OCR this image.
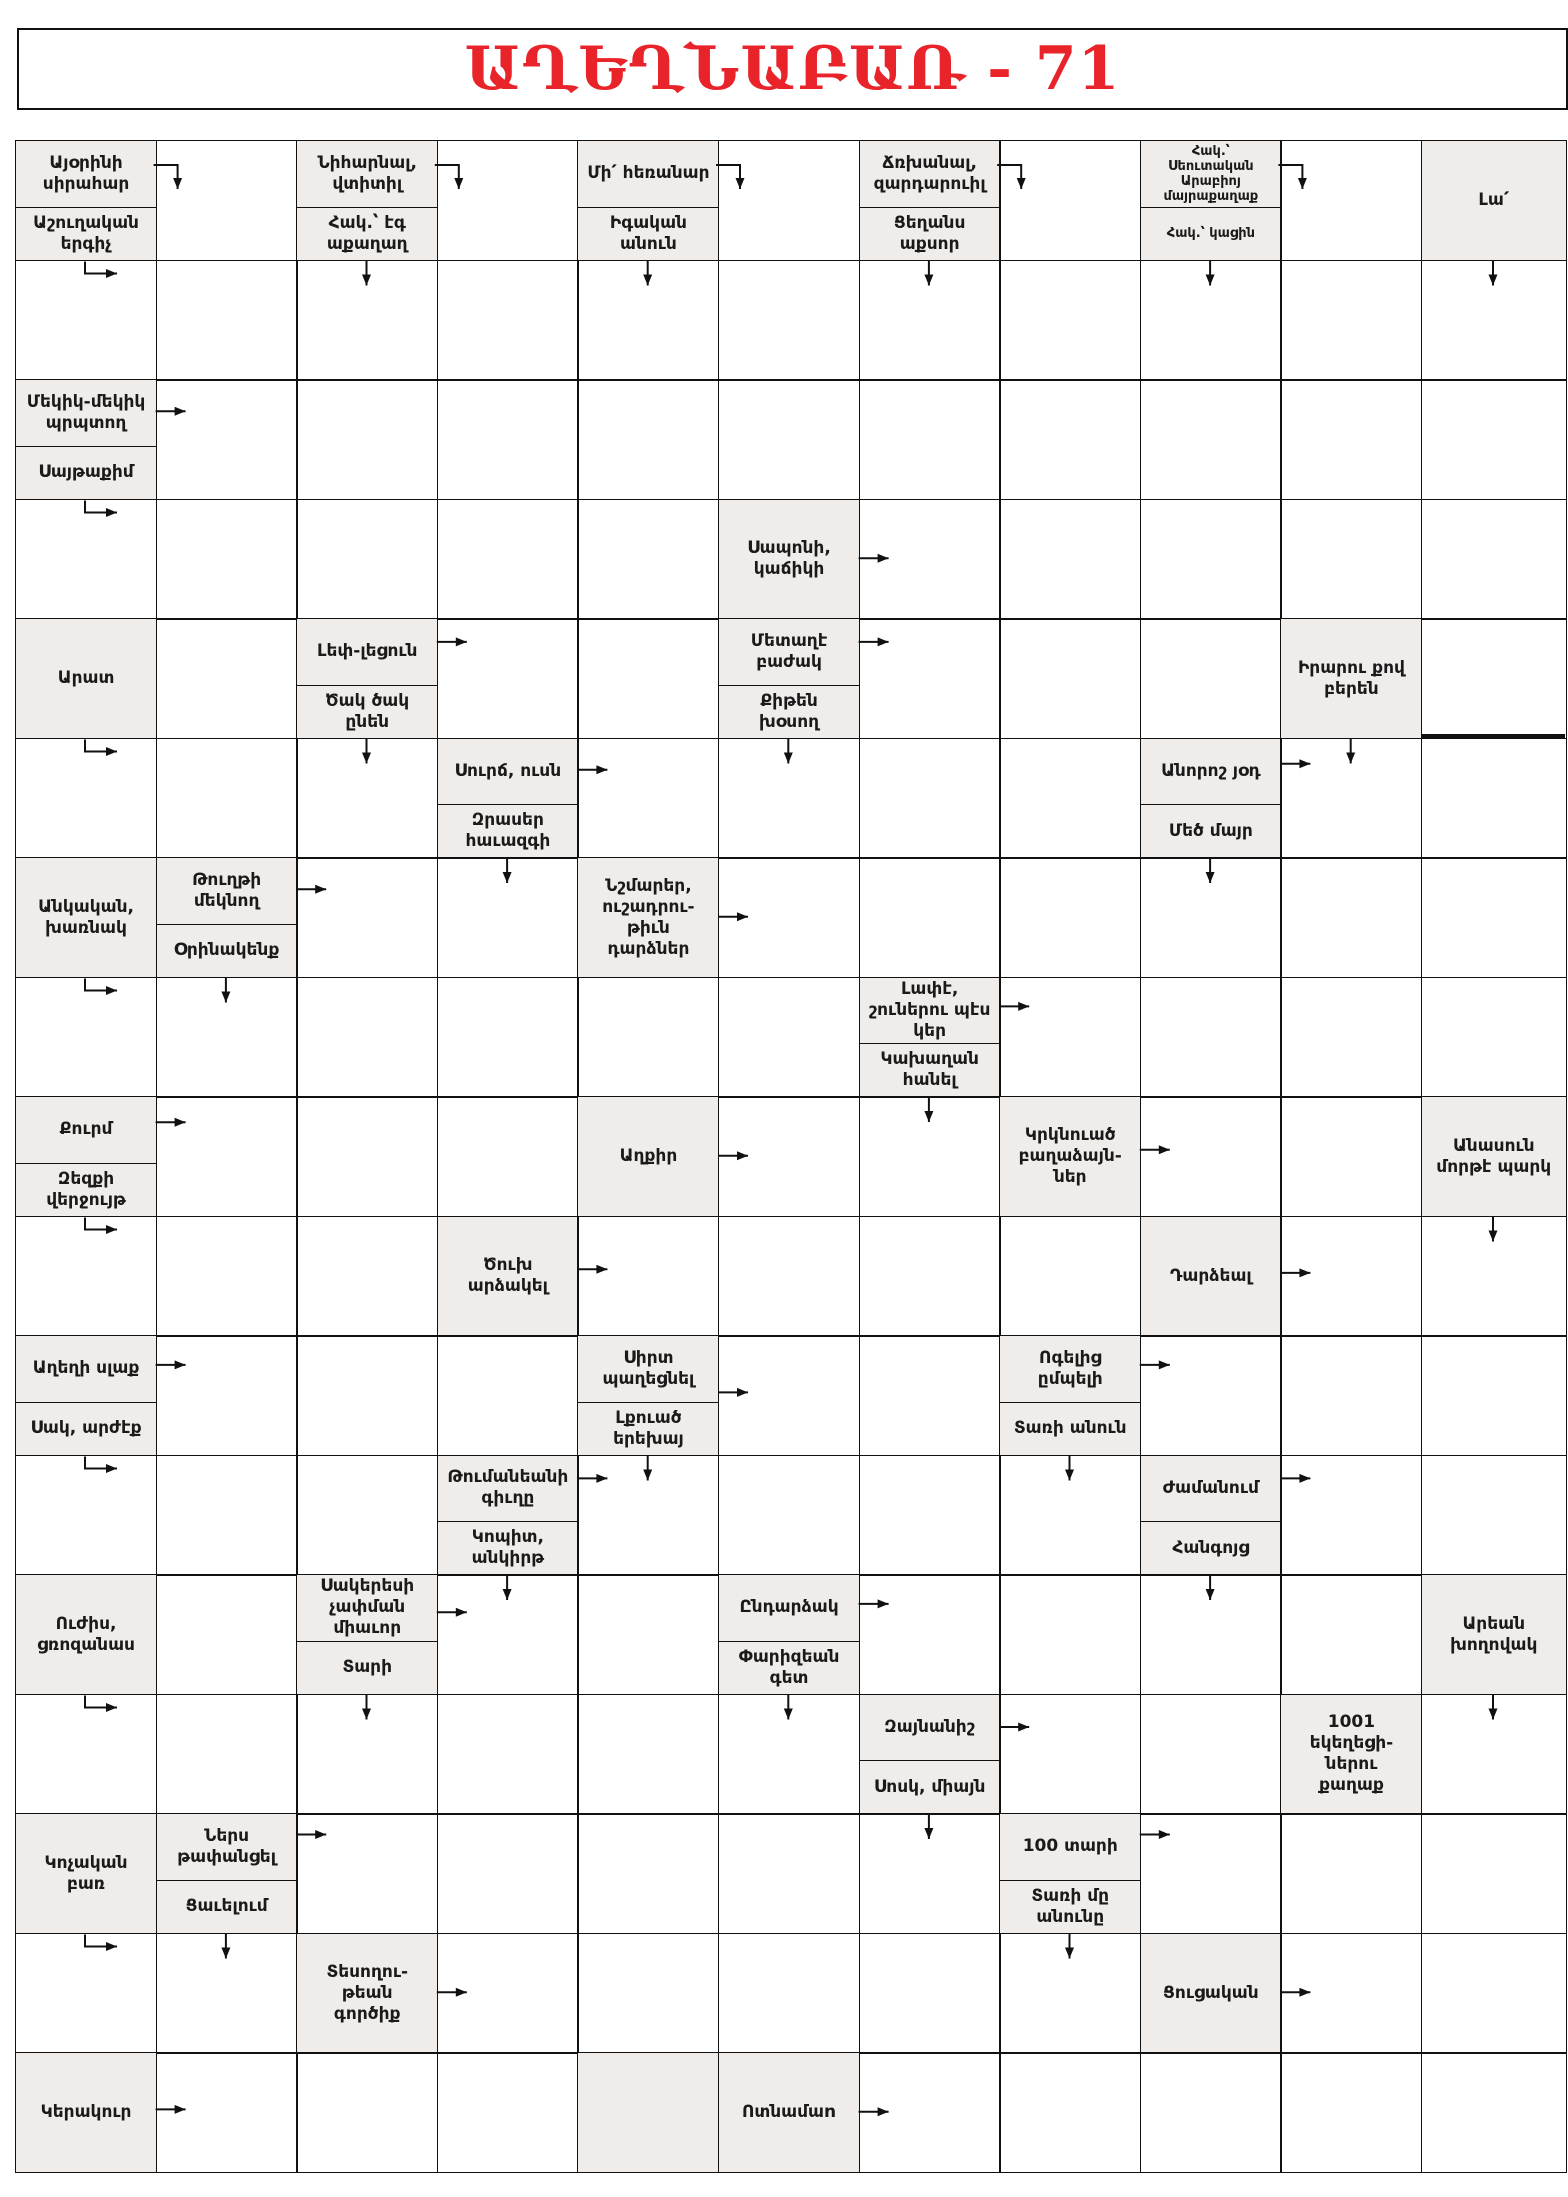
ԱՂԵՂՆԱԲԱՌ - 71
Այօրինի
սիրահար
Աշուղական
երգիչ
Նիհարնալ,
վտիտիլ
Հակ.՝ էգ
աքաղաղ
Մի՛ հեռանար
Իգական
անուն
Ճռխանալ,
զարդարուիլ
Ցեղանս
աքսոր
Հակ.՝
Սեուտական
Արաբիոյ
մայրաքաղաք
Հակ.՝ կացին
Լա՛
Մեկիկ-մեկիկ
պրպտող
Սայթաքիմ
Սապոնի,
կաճիկի
Արատ
Լեփ-լեցուն
Ծակ ծակ
ընեն
Մետաղէ
բաժակ
Քիթեն
խօսող
Իրարու քով
բերեն
Սուրճ, ուսն
Զրասեր
հաւազգի
Անորոշ յօդ
Մեծ մայր
Անկական,
խառնակ
Թուղթի
մեկնող
Օրինակենք
Նշմարեր,
ուշադրու-
թիւն
դարձներ
Լափէ,
շուներու պէս
կեր
Կախաղան
հանել
Քուրմ
Զեզքի
վերջույթ
Աղքիր
Կրկնուած
բաղաձայն-
ներ
Անասուն
մորթէ պարկ
Ծուխ
արձակել
Դարձեալ
Աղեղի սլաք
Սակ, արժէք
Սիրտ
պաղեցնել
Լքուած
երեխայ
Ոգելից
ըմպելի
Տառի անուն
Թումանեանի
գիւղը
Կոպիտ,
անկիրթ
Ժամանում
Հանգոյց
Ուժիս,
ցռոզանաս
Սակերեսի
չափման
միաւոր
Տարի
Ընդարձակ
Փարիզեան
գետ
Արեան
խողովակ
Զայնանիշ
Սոսկ, միայն
1001
եկեղեցի-
ներու
քաղաք
Կոչական
բառ
Ներս
թափանցել
Ցաւելում
100 տարի
Տառի մը
անունը
Տեսողու-
թեան
գործիք
Ցուցական
Կերակուր	Ոտնամաn
